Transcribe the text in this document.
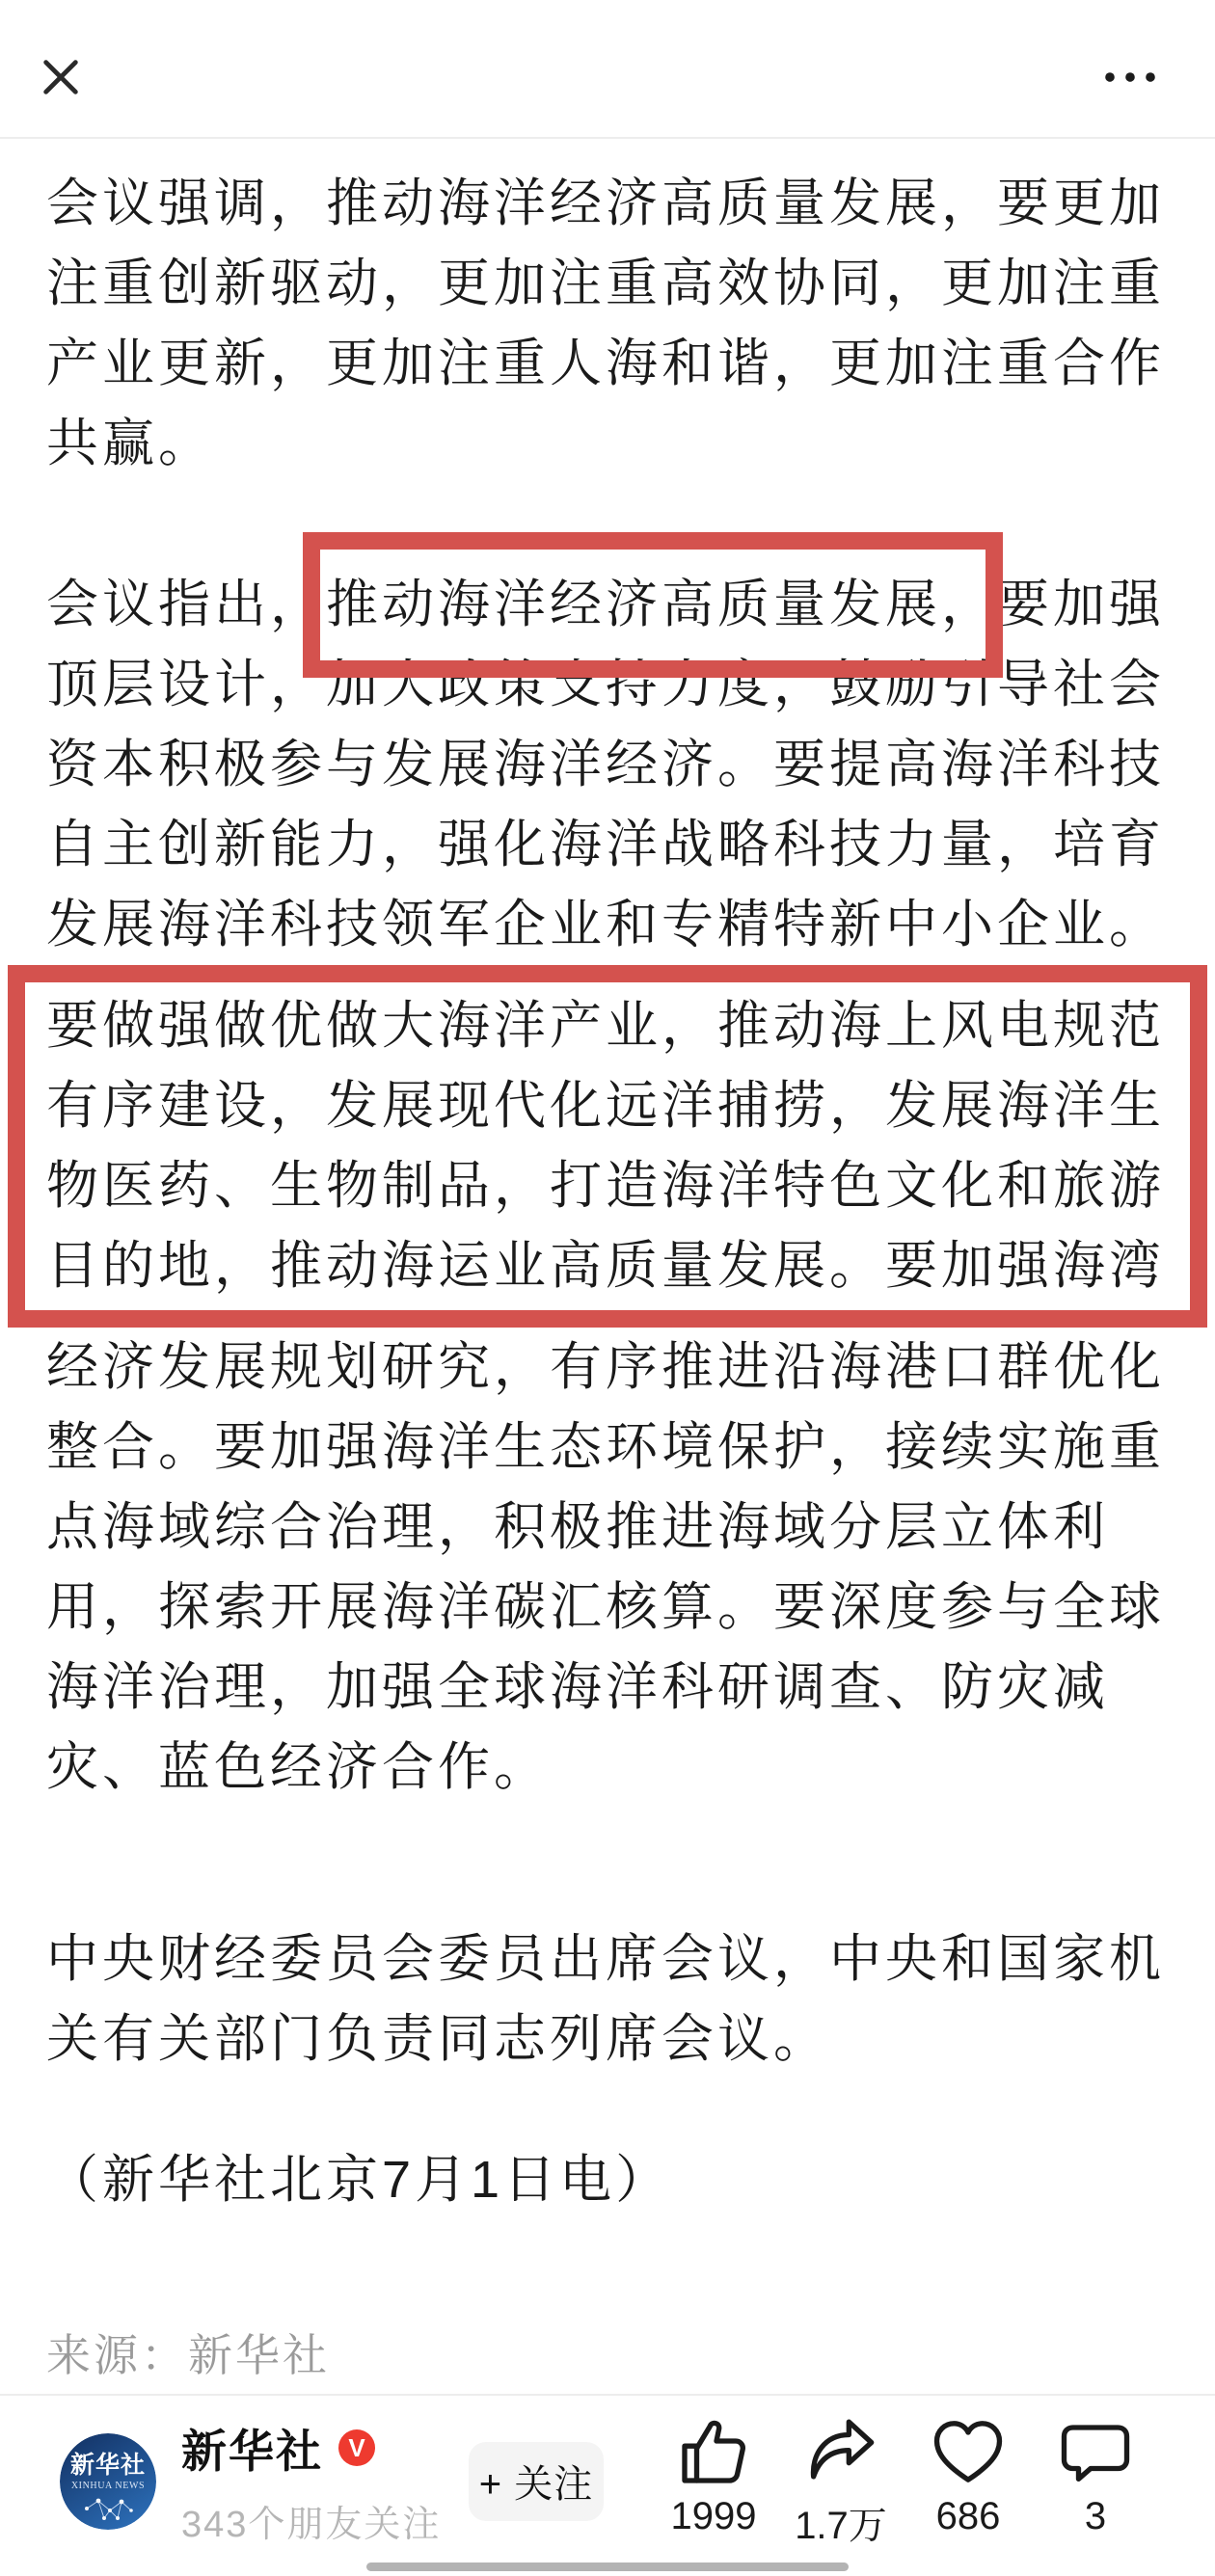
会议强调，推动海洋经济高质量发展，要更加
注重创新驱动，更加注重高效协同，更加注重
产业更新，更加注重人海和谐，更加注重合作
共赢。
会议指出，推动海洋经济高质量发展，要加强
顶层设计，加大政策支持力度，鼓励引导社会
资本积极参与发展海洋经济。要提高海洋科技
自主创新能力，强化海洋战略科技力量，培育
发展海洋科技领军企业和专精特新中小企业。
要做强做优做大海洋产业，推动海上风电规范
有序建设，发展现代化远洋捕捞，发展海洋生
物医药、生物制品，打造海洋特色文化和旅游
目的地，推动海运业高质量发展。要加强海湾
经济发展规划研究，有序推进沿海港口群优化
整合。要加强海洋生态环境保护，接续实施重
点海域综合治理，积极推进海域分层立体利
用，探索开展海洋碳汇核算。要深度参与全球
海洋治理，加强全球海洋科研调查、防灾减
灾、蓝色经济合作。
中央财经委员会委员出席会议，中央和国家机
关有关部门负责同志列席会议。
（新华社北京7月1日电）
来源：新华社
新华社
XINHUA NEWS
新华社	V
343个朋友关注
+ 关注
1999 1.7万 686 3
